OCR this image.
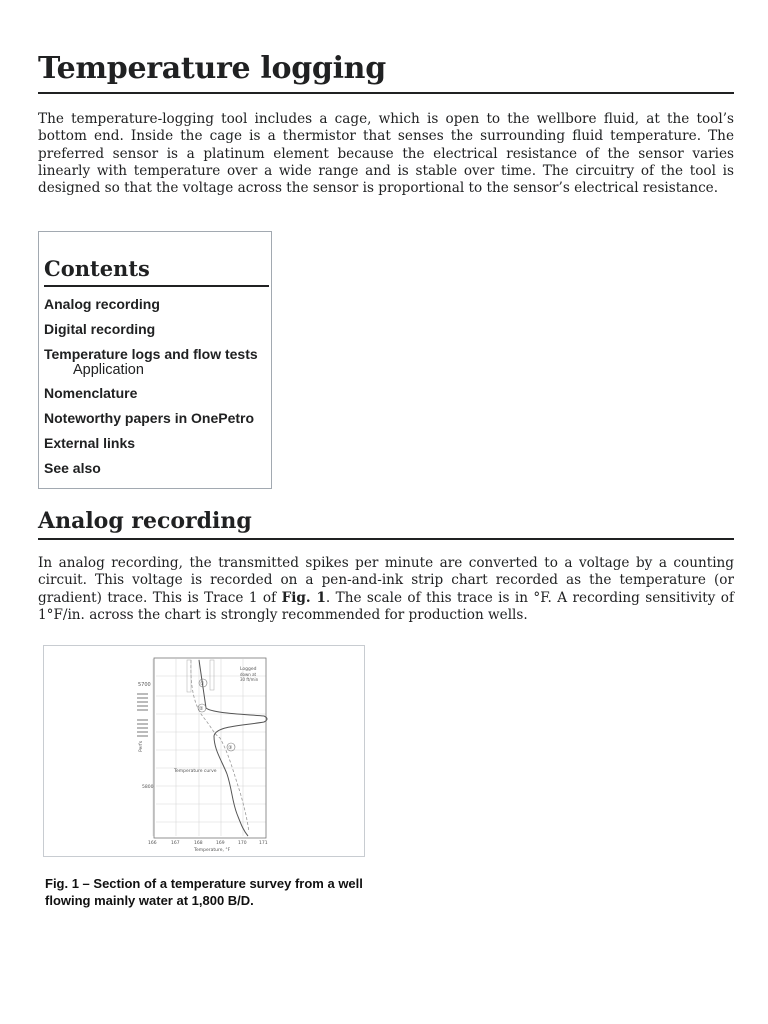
Temperature logging

The temperature-logging tool includes a cage, which is open to the wellbore fluid, at the tool’s bottom end. Inside the cage is a thermistor that senses the surrounding fluid temperature. The preferred sensor is a platinum element because the electrical resistance of the sensor varies linearly with temperature over a wide range and is stable over time. The circuitry of the tool is designed so that the voltage across the sensor is proportional to the sensor’s electrical resistance.

Contents
Analog recording
Digital recording
Temperature logs and flow tests
Application
Nomenclature
Noteworthy papers in OnePetro
External links
See also
Analog recording

In analog recording, the transmitted spikes per minute are converted to a voltage by a counting circuit. This voltage is recorded on a pen-and-ink strip chart recorded as the temperature (or gradient) trace. This is Trace 1 of Fig. 1. The scale of this trace is in °F. A recording sensitivity of 1°F/in. across the chart is strongly recommended for production wells.

5700
Perfs
5800
Logged
down at
30 ft/min
Temperature curve
①
②
③
166	167	168	169	170	171
Temperature, °F
Fig. 1 – Section of a temperature survey from a well flowing mainly water at 1,800 B/D.
